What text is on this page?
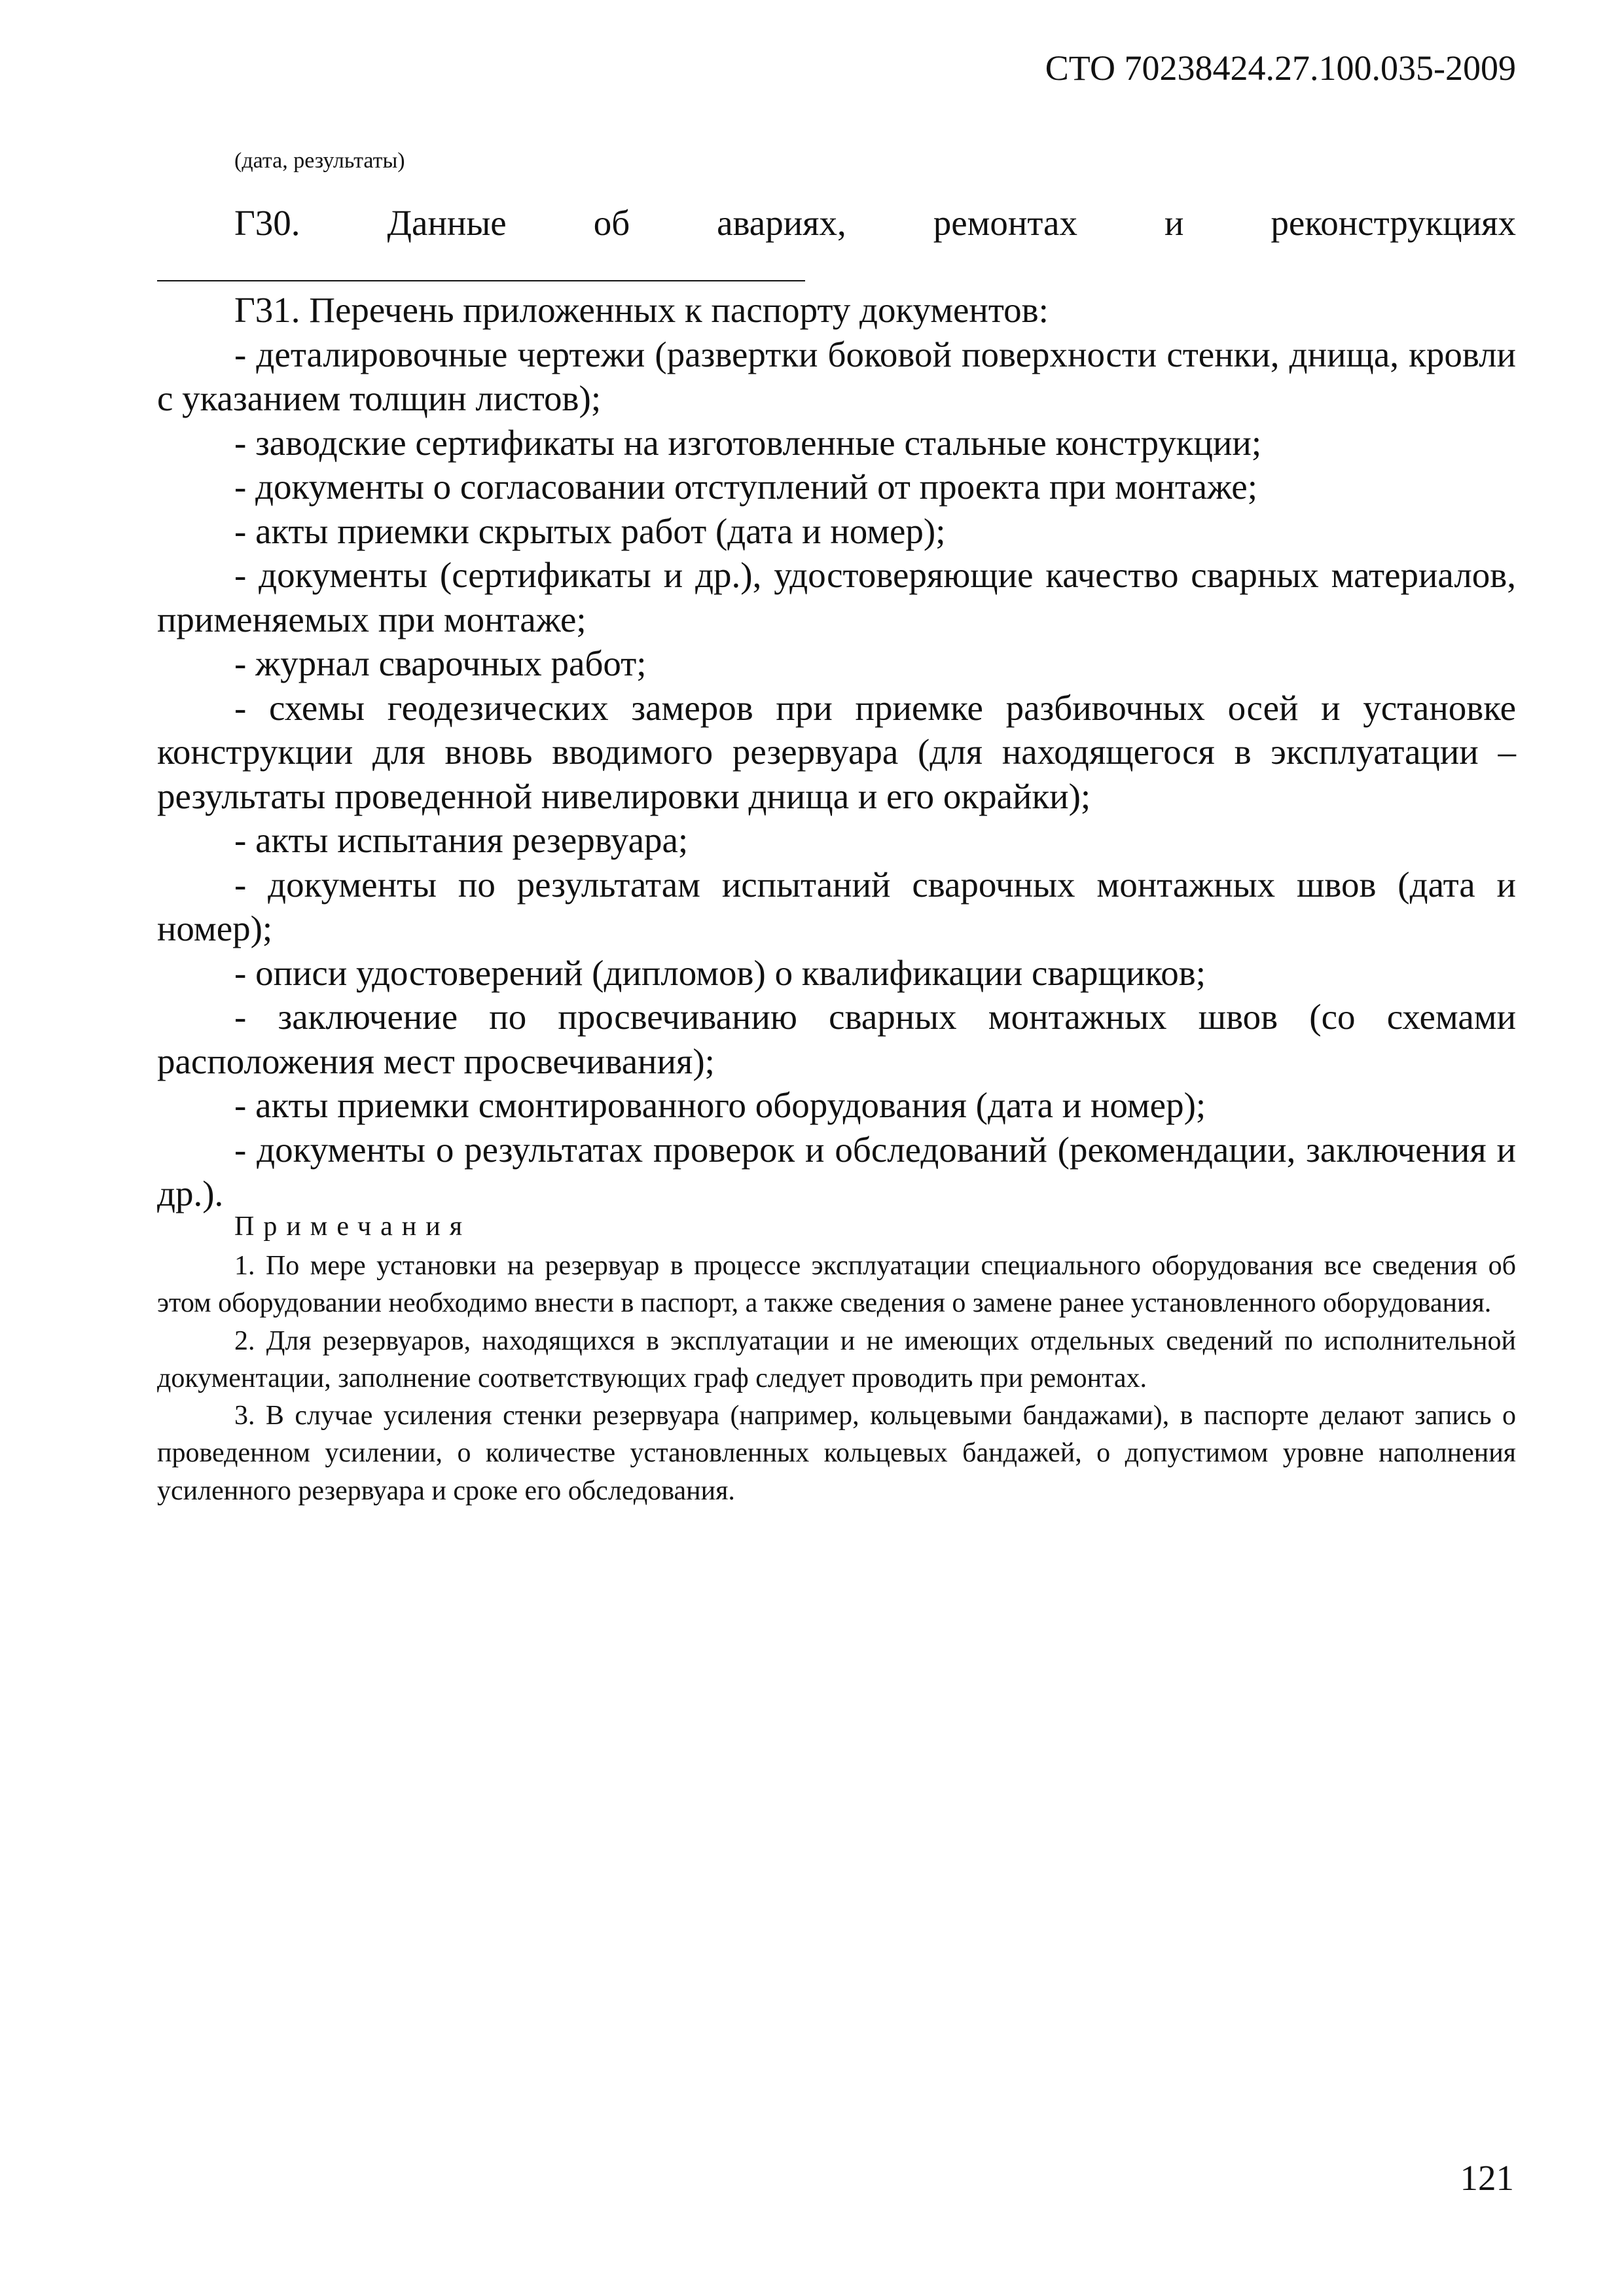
СТО 70238424.27.100.035-2009
(дата, результаты)
Г30. Данные об авариях, ремонтах и реконструкциях

Г31. Перечень приложенных к паспорту документов:

- деталировочные чертежи (развертки боковой поверхности стенки, днища, кровли с указанием толщин листов);

- заводские сертификаты на изготовленные стальные конструкции;

- документы о согласовании отступлений от проекта при монтаже;

- акты приемки скрытых работ (дата и номер);

- документы (сертификаты и др.), удостоверяющие качество сварных материалов, применяемых при монтаже;

- журнал сварочных работ;

- схемы геодезических замеров при приемке разбивочных осей и установке конструкции для вновь вводимого резервуара (для находящегося в эксплуатации – результаты проведенной нивелировки днища и его окрайки);

- акты испытания резервуара;

- документы по результатам испытаний сварочных монтажных швов (дата и номер);

- описи удостоверений (дипломов) о квалификации сварщиков;

- заключение по просвечиванию сварных монтажных швов (со схемами расположения мест просвечивания);

- акты приемки смонтированного оборудования (дата и номер);

- документы о результатах проверок и обследований (рекомендации, заключения и др.).

Примечания

1. По мере установки на резервуар в процессе эксплуатации специального оборудования все сведения об этом оборудовании необходимо внести в паспорт, а также сведения о замене ранее установленного оборудования.

2. Для резервуаров, находящихся в эксплуатации и не имеющих отдельных сведений по исполнительной документации, заполнение соответствующих граф следует проводить при ремонтах.

3. В случае усиления стенки резервуара (например, кольцевыми бандажами), в паспорте делают запись о проведенном усилении, о количестве установленных кольцевых бандажей, о допустимом уровне наполнения усиленного резервуара и сроке его обследования.

121
